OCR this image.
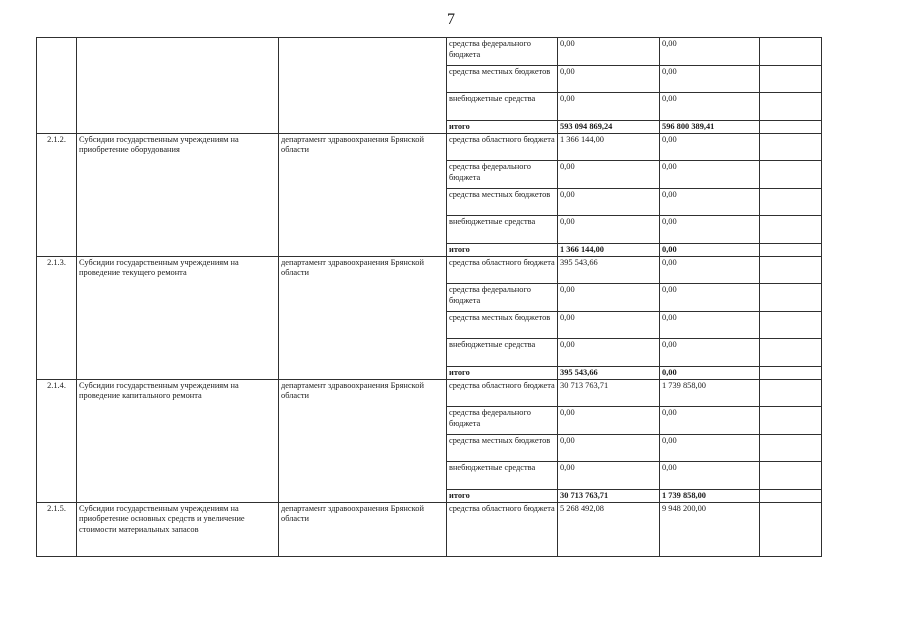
7
			средства федерального бюджета	0,00	0,00	
			средства местных бюджетов	0,00	0,00	
			внебюджетные средства	0,00	0,00	
			итого	593 094 869,24	596 800 389,41	
2.1.2.	Субсидии государственным учреждениям на приобретение оборудования	департамент здравоохранения Брянской области	средства областного бюджета	1 366 144,00	0,00	
			средства федерального бюджета	0,00	0,00	
			средства местных бюджетов	0,00	0,00	
			внебюджетные средства	0,00	0,00	
			итого	1 366 144,00	0,00	
2.1.3.	Субсидии государственным учреждениям на проведение текущего ремонта	департамент здравоохранения Брянской области	средства областного бюджета	395 543,66	0,00	
			средства федерального бюджета	0,00	0,00	
			средства местных бюджетов	0,00	0,00	
			внебюджетные средства	0,00	0,00	
			итого	395 543,66	0,00	
2.1.4.	Субсидии государственным учреждениям на проведение капитального ремонта	департамент здравоохранения Брянской области	средства областного бюджета	30 713 763,71	1 739 858,00	
			средства федерального бюджета	0,00	0,00	
			средства местных бюджетов	0,00	0,00	
			внебюджетные средства	0,00	0,00	
			итого	30 713 763,71	1 739 858,00	
2.1.5.	Субсидии государственным учреждениям на приобретение основных средств и увеличение стоимости материальных запасов	департамент здравоохранения Брянской области	средства областного бюджета	5 268 492,08	9 948 200,00	
